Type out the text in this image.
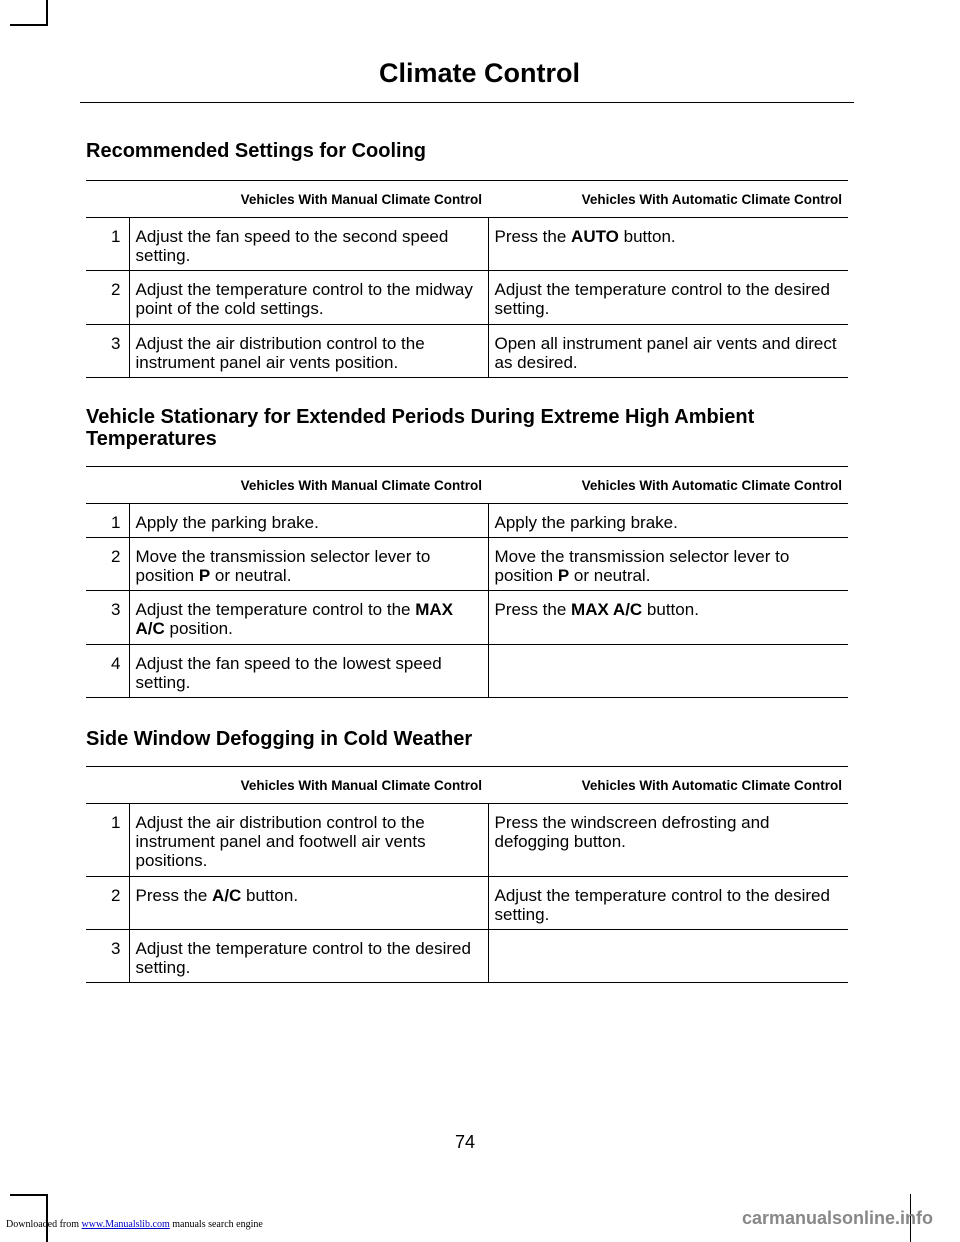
Climate Control
Recommended Settings for Cooling
	Vehicles With Manual Climate Control	Vehicles With Automatic Climate Control
1	Adjust the fan speed to the second speed setting.	Press the AUTO button.
2	Adjust the temperature control to the midway point of the cold settings.	Adjust the temperature control to the desired setting.
3	Adjust the air distribution control to the instrument panel air vents position.	Open all instrument panel air vents and direct as desired.
Vehicle Stationary for Extended Periods During Extreme High Ambient Temperatures
	Vehicles With Manual Climate Control	Vehicles With Automatic Climate Control
1	Apply the parking brake.	Apply the parking brake.
2	Move the transmission selector lever to position P or neutral.	Move the transmission selector lever to position P or neutral.
3	Adjust the temperature control to the MAX A/C position.	Press the MAX A/C button.
4	Adjust the fan speed to the lowest speed setting.	
Side Window Defogging in Cold Weather
	Vehicles With Manual Climate Control	Vehicles With Automatic Climate Control
1	Adjust the air distribution control to the instrument panel and footwell air vents positions.	Press the windscreen defrosting and defogging button.
2	Press the A/C button.	Adjust the temperature control to the desired setting.
3	Adjust the temperature control to the desired setting.	
74
Downloaded from www.Manualslib.com manuals search engine	carmanualsonline.info
